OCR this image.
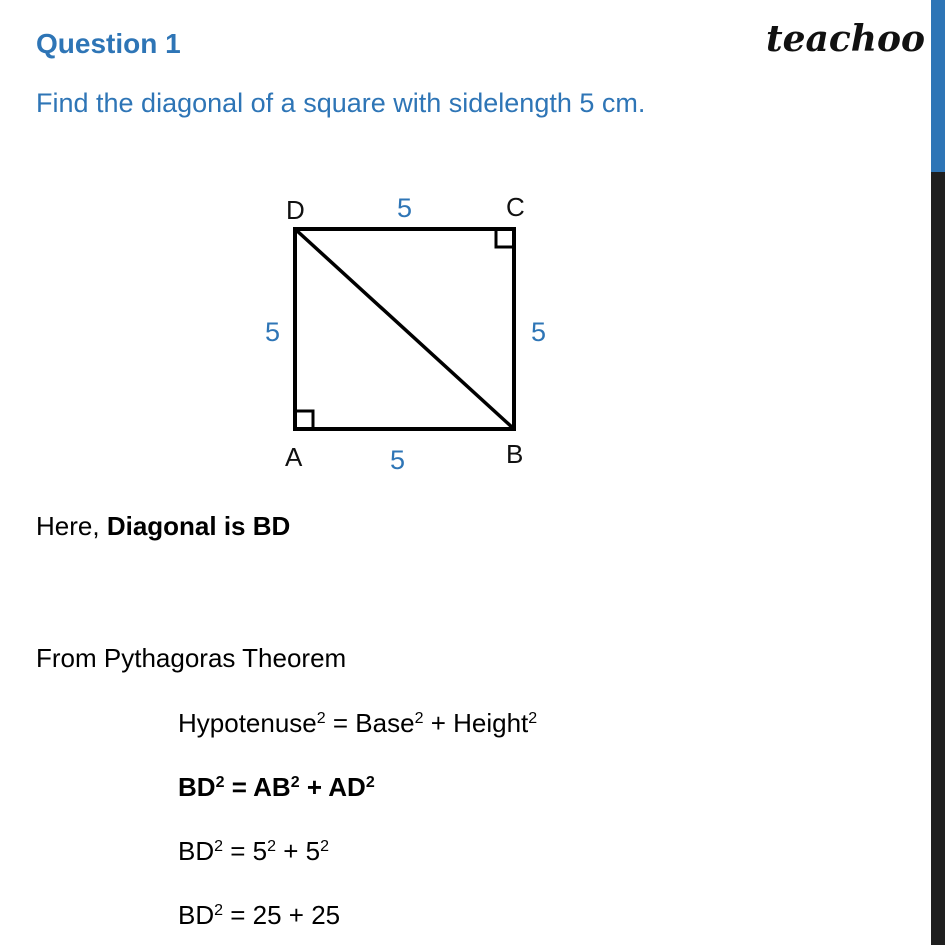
Question 1	teachoo
Find the diagonal of a square with sidelength 5 cm.
D	C
A	B
5
5	5
5
Here, Diagonal is BD
From Pythagoras Theorem
Hypotenuse$^2$ = Base$^2$ + Height$^2$
$BD^2 = AB^2 + AD^2$
$BD^2 = 5^2 + 5^2$
$BD^2 = 25 + 25$
